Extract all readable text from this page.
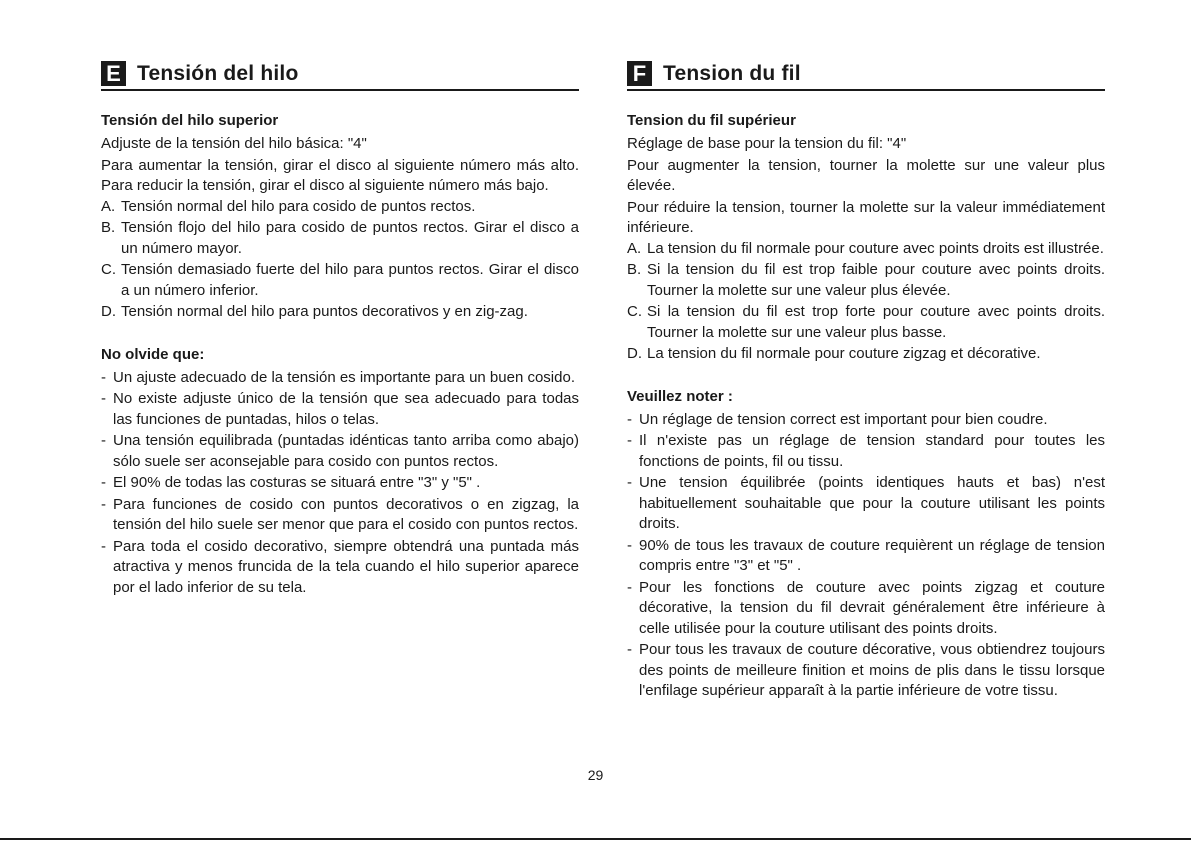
E Tensión del hilo
Tensión del hilo superior

Adjuste de la tensión del hilo básica: "4"

Para aumentar la tensión, girar el disco al siguiente número más alto. Para reducir la tensión, girar el disco al siguiente número más bajo.

A. Tensión normal del hilo para cosido de puntos rectos.
B. Tensión flojo del hilo para cosido de puntos rectos. Girar el disco a un número mayor.
C. Tensión demasiado fuerte del hilo para puntos rectos. Girar el disco a un número inferior.
D. Tensión normal del hilo para puntos decorativos y en zig-zag.
No olvide que:
- Un ajuste adecuado de la tensión es importante para un buen cosido.
- No existe adjuste único de la tensión que sea adecuado para todas las funciones de puntadas, hilos o telas.
- Una tensión equilibrada (puntadas idénticas tanto arriba como abajo) sólo suele ser aconsejable para cosido con puntos rectos.
- El 90% de todas las costuras se situará entre "3" y "5" .
- Para funciones de cosido con puntos decorativos o en zigzag, la tensión del hilo suele ser menor que para el cosido con puntos rectos.
- Para toda el cosido decorativo, siempre obtendrá una puntada más atractiva y menos fruncida de la tela cuando el hilo superior aparece por el lado inferior de su tela.
F Tension du fil
Tension du fil supérieur

Réglage de base pour la tension du fil: "4"

Pour augmenter la tension, tourner la molette sur une valeur plus élevée.

Pour réduire la tension, tourner la molette sur la valeur immédiatement inférieure.

A. La tension du fil normale pour couture avec points droits est illustrée.
B. Si la tension du fil est trop faible pour couture avec points droits. Tourner la molette sur une valeur plus élevée.
C. Si la tension du fil est trop forte pour couture avec points droits. Tourner la molette sur une valeur plus basse.
D. La tension du fil normale pour couture zigzag et décorative.
Veuillez noter :
- Un réglage de tension correct est important pour bien coudre.
- Il n'existe pas un réglage de tension standard pour toutes les fonctions de points, fil ou tissu.
- Une tension équilibrée (points identiques hauts et bas) n'est habituellement souhaitable que pour la couture utilisant les points droits.
- 90% de tous les travaux de couture requièrent un réglage de tension compris entre "3" et "5" .
- Pour les fonctions de couture avec points zigzag et couture décorative, la tension du fil devrait généralement être inférieure à celle utilisée pour la couture utilisant des points droits.
- Pour tous les travaux de couture décorative, vous obtiendrez toujours des points de meilleure finition et moins de plis dans le tissu lorsque l'enfilage supérieur apparaît à la partie inférieure de votre tissu.
29
